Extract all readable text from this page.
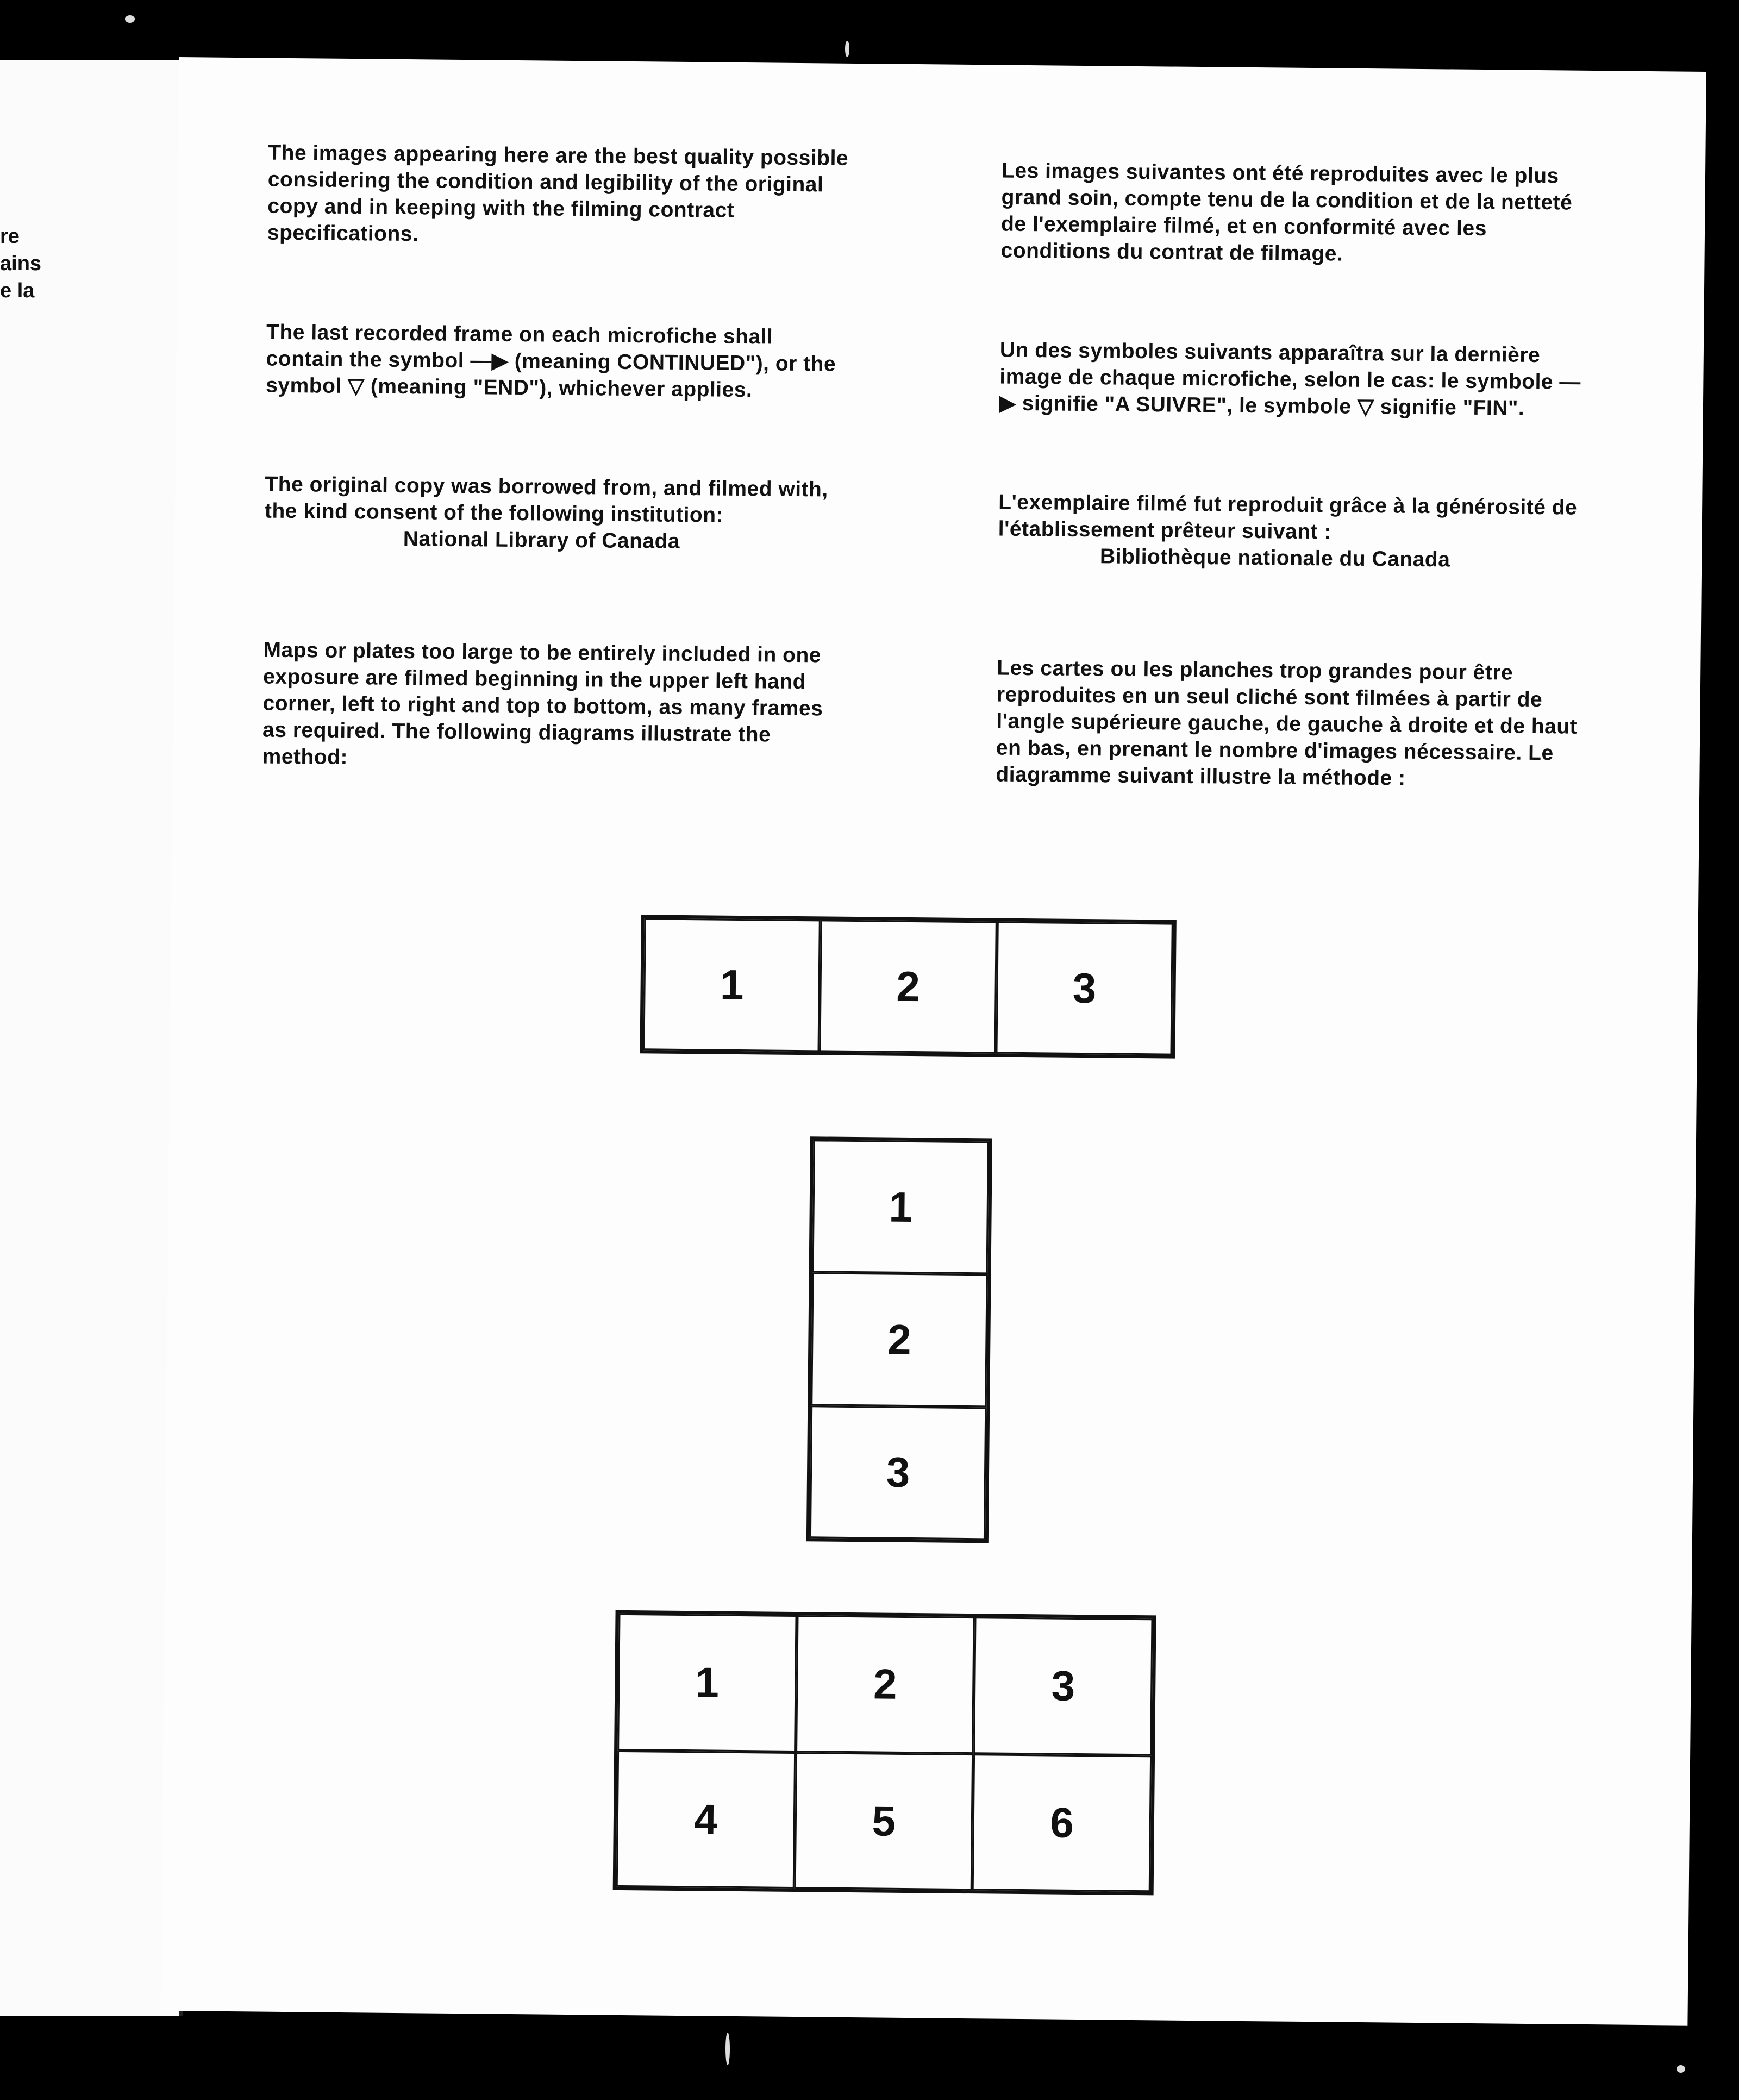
re
ains
e la

The images appearing here are the best quality possible considering the condition and legibility of the original copy and in keeping with the filming contract specifications.

The last recorded frame on each microfiche shall contain the symbol —▶ (meaning CONTINUED"), or the symbol ▽ (meaning "END"), whichever applies.

The original copy was borrowed from, and filmed with, the kind consent of the following institution:
National Library of Canada

Maps or plates too large to be entirely included in one exposure are filmed beginning in the upper left hand corner, left to right and top to bottom, as many frames as required. The following diagrams illustrate the method:

Les images suivantes ont été reproduites avec le plus grand soin, compte tenu de la condition et de la netteté de l'exemplaire filmé, et en conformité avec les conditions du contrat de filmage.

Un des symboles suivants apparaîtra sur la dernière image de chaque microfiche, selon le cas: le symbole —▶ signifie "A SUIVRE", le symbole ▽ signifie "FIN".

L'exemplaire filmé fut reproduit grâce à la générosité de l'établissement prêteur suivant :
Bibliothèque nationale du Canada

Les cartes ou les planches trop grandes pour être reproduites en un seul cliché sont filmées à partir de l'angle supérieure gauche, de gauche à droite et de haut en bas, en prenant le nombre d'images nécessaire. Le diagramme suivant illustre la méthode :

1	2	3
1
2
3
1	2	3
4	5	6
